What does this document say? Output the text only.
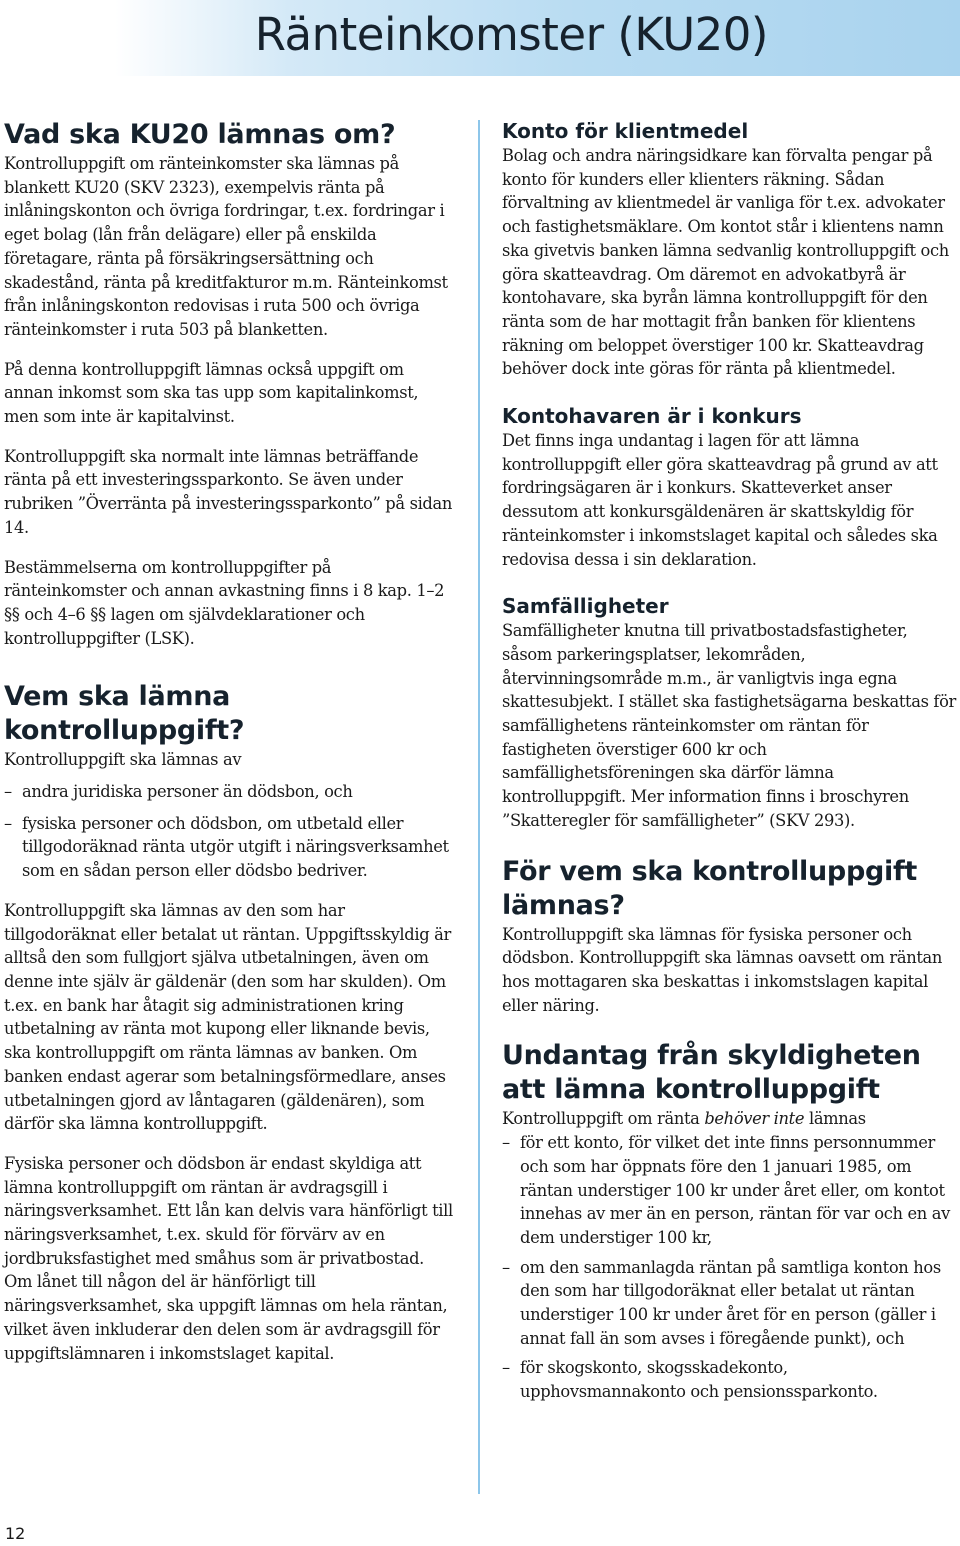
Ränteinkomster (KU20)
Vad ska KU20 lämnas om?

Kontrolluppgift om ränteinkomster ska lämnas på blankett KU20 (SKV 2323), exempelvis ränta på inlåningskonton och övriga fordringar, t.ex. fordringar i eget bolag (lån från delägare) eller på enskilda företagare, ränta på försäkringsersättning och skadestånd, ränta på kreditfakturor m.m. Ränteinkomst från inlåningskonton redovisas i ruta 500 och övriga ränteinkomster i ruta 503 på blanketten.

På denna kontrolluppgift lämnas också uppgift om annan inkomst som ska tas upp som kapitalinkomst, men som inte är kapitalvinst.

Kontrolluppgift ska normalt inte lämnas beträffande ränta på ett investeringssparkonto. Se även under rubriken ”Överränta på investeringssparkonto” på sidan 14.

Bestämmelserna om kontrolluppgifter på ränteinkomster och annan avkastning finns i 8 kap. 1–2 §§ och 4–6 §§ lagen om självdeklarationer och kontrolluppgifter (LSK).

Vem ska lämna kontrolluppgift?

Kontrolluppgift ska lämnas av

– andra juridiska personer än dödsbon, och
– fysiska personer och dödsbon, om utbetald eller tillgodoräknad ränta utgör utgift i näringsverksamhet som en sådan person eller dödsbo bedriver.

Kontrolluppgift ska lämnas av den som har tillgodoräknat eller betalat ut räntan. Uppgiftsskyldig är alltså den som fullgjort själva utbetalningen, även om denne inte själv är gäldenär (den som har skulden). Om t.ex. en bank har åtagit sig administrationen kring utbetalning av ränta mot kupong eller liknande bevis, ska kontrolluppgift om ränta lämnas av banken. Om banken endast agerar som betalningsförmedlare, anses utbetalningen gjord av låntagaren (gäldenären), som därför ska lämna kontrolluppgift.

Fysiska personer och dödsbon är endast skyldiga att lämna kontrolluppgift om räntan är avdragsgill i näringsverksamhet. Ett lån kan delvis vara hänförligt till näringsverksamhet, t.ex. skuld för förvärv av en jordbruksfastighet med småhus som är privatbostad. Om lånet till någon del är hänförligt till näringsverksamhet, ska uppgift lämnas om hela räntan, vilket även inkluderar den delen som är avdragsgill för uppgiftslämnaren i inkomstslaget kapital.

Konto för klientmedel

Bolag och andra näringsidkare kan förvalta pengar på konto för kunders eller klienters räkning. Sådan förvaltning av klientmedel är vanliga för t.ex. advokater och fastighetsmäklare. Om kontot står i klientens namn ska givetvis banken lämna sedvanlig kontrolluppgift och göra skatteavdrag. Om däremot en advokatbyrå är kontohavare, ska byrån lämna kontrolluppgift för den ränta som de har mottagit från banken för klientens räkning om beloppet överstiger 100 kr. Skatteavdrag behöver dock inte göras för ränta på klientmedel.

Kontohavaren är i konkurs

Det finns inga undantag i lagen för att lämna kontrolluppgift eller göra skatteavdrag på grund av att fordringsägaren är i konkurs. Skatteverket anser dessutom att konkursgäldenären är skattskyldig för ränteinkomster i inkomstslaget kapital och således ska redovisa dessa i sin deklaration.

Samfälligheter

Samfälligheter knutna till privatbostadsfastigheter, såsom parkeringsplatser, lekområden, återvinningsområde m.m., är vanligtvis inga egna skattesubjekt. I stället ska fastighetsägarna beskattas för samfällighetens ränteinkomster om räntan för fastigheten överstiger 600 kr och samfällighetsföreningen ska därför lämna kontrolluppgift. Mer information finns i broschyren ”Skatteregler för samfälligheter” (SKV 293).

För vem ska kontrolluppgift lämnas?

Kontrolluppgift ska lämnas för fysiska personer och dödsbon. Kontrolluppgift ska lämnas oavsett om räntan hos mottagaren ska beskattas i inkomstslagen kapital eller näring.

Undantag från skyldigheten att lämna kontrolluppgift

Kontrolluppgift om ränta behöver inte lämnas

– för ett konto, för vilket det inte finns personnummer och som har öppnats före den 1 januari 1985, om räntan understiger 100 kr under året eller, om kontot innehas av mer än en person, räntan för var och en av dem understiger 100 kr,
– om den sammanlagda räntan på samtliga konton hos den som har tillgodoräknat eller betalat ut räntan understiger 100 kr under året för en person (gäller i annat fall än som avses i föregående punkt), och
– för skogskonto, skogsskadekonto, upphovsmannakonto och pensionssparkonto.
12
